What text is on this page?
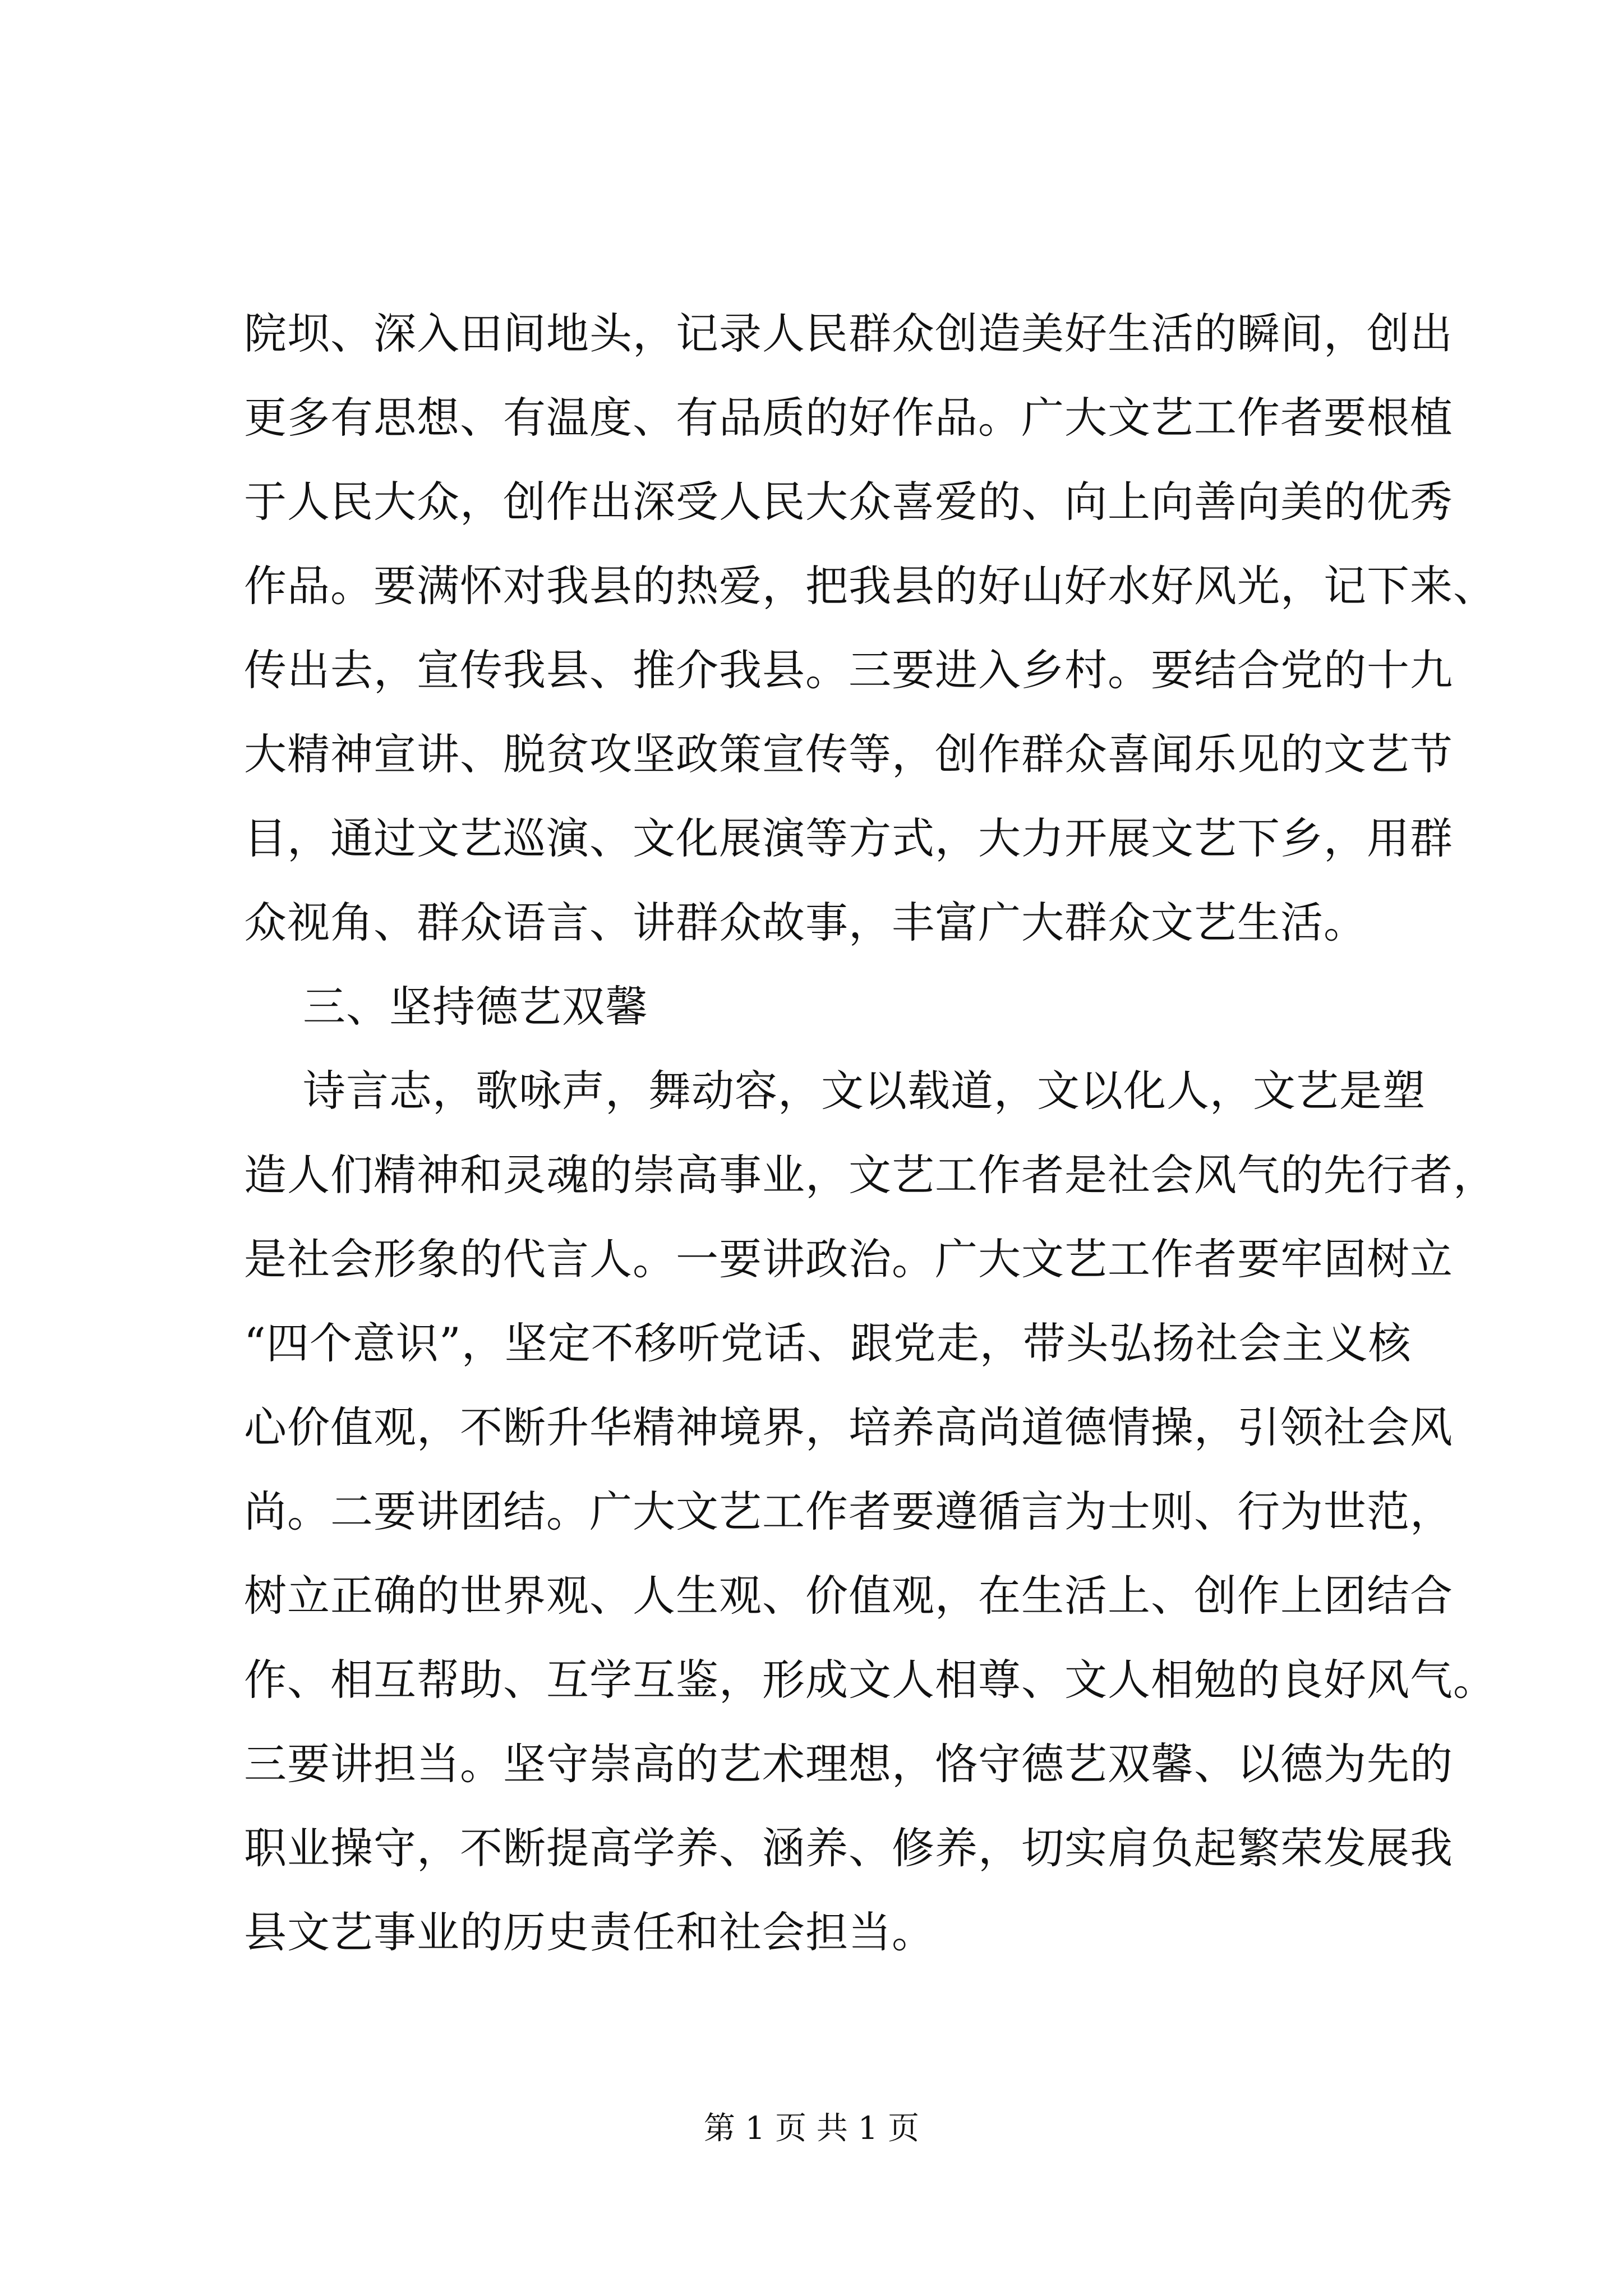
院坝、深入田间地头，记录人民群众创造美好生活的瞬间，创出
更多有思想、有温度、有品质的好作品。广大文艺工作者要根植
于人民大众，创作出深受人民大众喜爱的、向上向善向美的优秀
作品。要满怀对我县的热爱，把我县的好山好水好风光，记下来、
传出去，宣传我县、推介我县。三要进入乡村。要结合党的十九
大精神宣讲、脱贫攻坚政策宣传等，创作群众喜闻乐见的文艺节
目，通过文艺巡演、文化展演等方式，大力开展文艺下乡，用群
众视角、群众语言、讲群众故事，丰富广大群众文艺生活。
三、坚持德艺双馨
诗言志，歌咏声，舞动容，文以载道，文以化人，文艺是塑
造人们精神和灵魂的崇高事业，文艺工作者是社会风气的先行者，
是社会形象的代言人。一要讲政治。广大文艺工作者要牢固树立
“四个意识”，坚定不移听党话、跟党走，带头弘扬社会主义核
心价值观，不断升华精神境界，培养高尚道德情操，引领社会风
尚。二要讲团结。广大文艺工作者要遵循言为士则、行为世范，
树立正确的世界观、人生观、价值观，在生活上、创作上团结合
作、相互帮助、互学互鉴，形成文人相尊、文人相勉的良好风气。
三要讲担当。坚守崇高的艺术理想，恪守德艺双馨、以德为先的
职业操守，不断提高学养、涵养、修养，切实肩负起繁荣发展我
县文艺事业的历史责任和社会担当。
第 1 页 共 1 页
